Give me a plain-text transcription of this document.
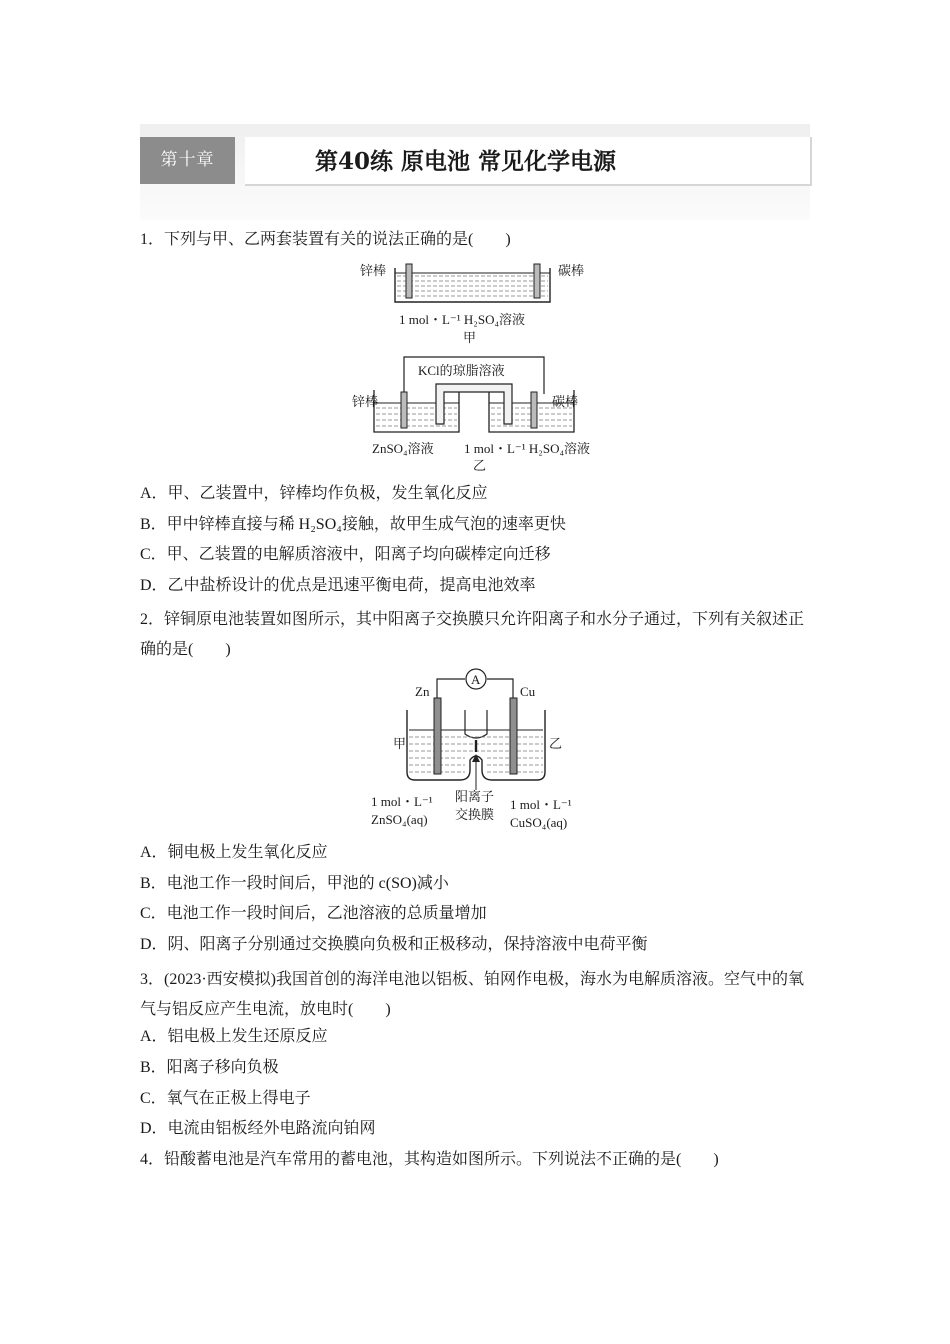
第十章	第40练 原电池 常见化学电源
1．下列与甲、乙两套装置有关的说法正确的是(　　)
锌棒	碳棒
1 mol・L⁻¹ H₂SO₄溶液
甲
KCl的琼脂溶液
锌棒	碳棒
ZnSO₄溶液 1 mol・L⁻¹ H₂SO₄溶液
乙
A．甲、乙装置中，锌棒均作负极，发生氧化反应
B．甲中锌棒直接与稀 H₂SO₄接触，故甲生成气泡的速率更快
C．甲、乙装置的电解质溶液中，阳离子均向碳棒定向迁移
D．乙中盐桥设计的优点是迅速平衡电荷，提高电池效率
2．锌铜原电池装置如图所示，其中阳离子交换膜只允许阳离子和水分子通过，下列有关叙述正确的是(　　)
A
Zn	Cu
甲	乙
1 mol・L⁻¹
ZnSO₄(aq)
阳离子
交换膜
1 mol・L⁻¹
CuSO₄(aq)
A．铜电极上发生氧化反应
B．电池工作一段时间后，甲池的 c(SO)减小
C．电池工作一段时间后，乙池溶液的总质量增加
D．阴、阳离子分别通过交换膜向负极和正极移动，保持溶液中电荷平衡
3．(2023·西安模拟)我国首创的海洋电池以铝板、铂网作电极，海水为电解质溶液。空气中的氧气与铝反应产生电流，放电时(　　)
A．铝电极上发生还原反应
B．阳离子移向负极
C．氧气在正极上得电子
D．电流由铝板经外电路流向铂网
4．铅酸蓄电池是汽车常用的蓄电池，其构造如图所示。下列说法不正确的是(　　)
